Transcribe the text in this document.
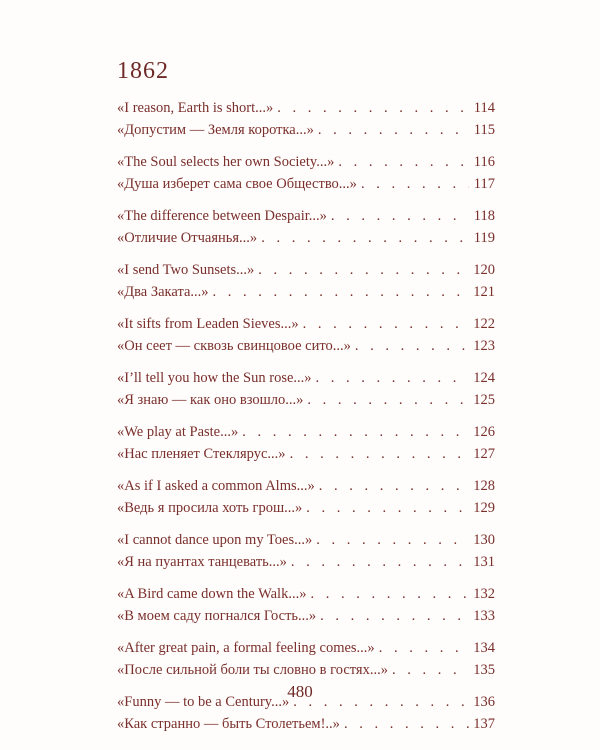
1862
«I reason, Earth is short...» . . .	114
«Допустим — Земля коротка...» . . .	115
«The Soul selects her own Society...» . . .	116
«Душа изберет сама свое Общество...» . . .	117
«The difference between Despair...» . . .	118
«Отличие Отчаянья...» . . .	119
«I send Two Sunsets...» . . .	120
«Два Заката...» . . .	121
«It sifts from Leaden Sieves...» . . .	122
«Он сеет — сквозь свинцовое сито...» . . .	123
«I’ll tell you how the Sun rose...» . . .	124
«Я знаю — как оно взошло...» . . .	125
«We play at Paste...» . . .	126
«Нас пленяет Стеклярус...» . . .	127
«As if I asked a common Alms...» . . .	128
«Ведь я просила хоть грош...» . . .	129
«I cannot dance upon my Toes...» . . .	130
«Я на пуантах танцевать...» . . .	131
«A Bird came down the Walk...» . . .	132
«В моем саду погнался Гость...» . . .	133
«After great pain, a formal feeling comes...» . . .	134
«После сильной боли ты словно в гостях...» . . .	135
«Funny — to be a Century...» . . .	136
«Как странно — быть Столетьем!..» . . .	137
480
